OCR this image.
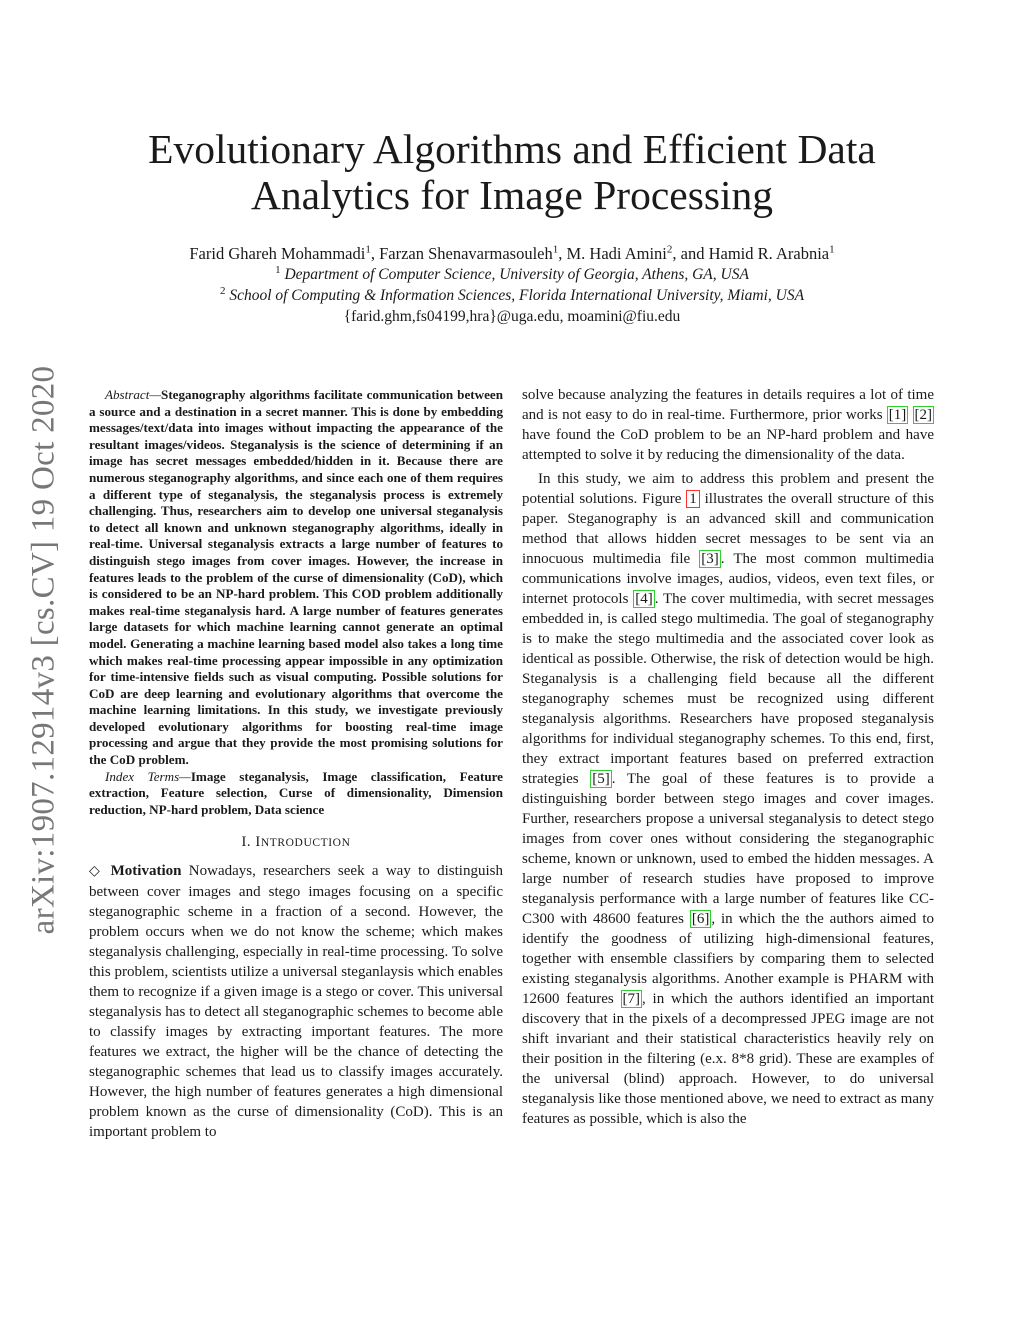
arXiv:1907.12914v3 [cs.CV] 19 Oct 2020
Evolutionary Algorithms and Efficient Data
Analytics for Image Processing
Farid Ghareh Mohammadi$^1$, Farzan Shenavarmasouleh$^1$, M. Hadi Amini$^2$, and Hamid R. Arabnia$^1$
$^1$ Department of Computer Science, University of Georgia, Athens, GA, USA
$^2$ School of Computing & Information Sciences, Florida International University, Miami, USA
{farid.ghm,fs04199,hra}@uga.edu, moamini@fiu.edu

Abstract—Steganography algorithms facilitate communication between a source and a destination in a secret manner. This is done by embedding messages/text/data into images without impacting the appearance of the resultant images/videos. Steganalysis is the science of determining if an image has secret messages embedded/hidden in it. Because there are numerous steganography algorithms, and since each one of them requires a different type of steganalysis, the steganalysis process is extremely challenging. Thus, researchers aim to develop one universal steganalysis to detect all known and unknown steganography algorithms, ideally in real-time. Universal steganalysis extracts a large number of features to distinguish stego images from cover images. However, the increase in features leads to the problem of the curse of dimensionality (CoD), which is considered to be an NP-hard problem. This COD problem additionally makes real-time steganalysis hard. A large number of features generates large datasets for which machine learning cannot generate an optimal model. Generating a machine learning based model also takes a long time which makes real-time processing appear impossible in any optimization for time-intensive fields such as visual computing. Possible solutions for CoD are deep learning and evolutionary algorithms that overcome the machine learning limitations. In this study, we investigate previously developed evolutionary algorithms for boosting real-time image processing and argue that they provide the most promising solutions for the CoD problem.

Index Terms—Image steganalysis, Image classification, Feature extraction, Feature selection, Curse of dimensionality, Dimension reduction, NP-hard problem, Data science

I. INTRODUCTION

◇ Motivation Nowadays, researchers seek a way to distinguish between cover images and stego images focusing on a specific steganographic scheme in a fraction of a second. However, the problem occurs when we do not know the scheme; which makes steganalysis challenging, especially in real-time processing. To solve this problem, scientists utilize a universal steganlaysis which enables them to recognize if a given image is a stego or cover. This universal steganalysis has to detect all steganographic schemes to become able to classify images by extracting important features. The more features we extract, the higher will be the chance of detecting the steganographic schemes that lead us to classify images accurately. However, the high number of features generates a high dimensional problem known as the curse of dimensionality (CoD). This is an important problem to

solve because analyzing the features in details requires a lot of time and is not easy to do in real-time. Furthermore, prior works [1] [2] have found the CoD problem to be an NP-hard problem and have attempted to solve it by reducing the dimensionality of the data.

In this study, we aim to address this problem and present the potential solutions. Figure 1 illustrates the overall structure of this paper. Steganography is an advanced skill and communication method that allows hidden secret messages to be sent via an innocuous multimedia file [3] . The most common multimedia communications involve images, audios, videos, even text files, or internet protocols [4] . The cover multimedia, with secret messages embedded in, is called stego multimedia. The goal of steganography is to make the stego multimedia and the associated cover look as identical as possible. Otherwise, the risk of detection would be high. Steganalysis is a challenging field because all the different steganography schemes must be recognized using different steganalysis algorithms. Researchers have proposed steganalysis algorithms for individual steganography schemes. To this end, first, they extract important features based on preferred extraction strategies [5] . The goal of these features is to provide a distinguishing border between stego images and cover images. Further, researchers propose a universal steganalysis to detect stego images from cover ones without considering the steganographic scheme, known or unknown, used to embed the hidden messages. A large number of research studies have proposed to improve steganalysis performance with a large number of features like CC-C300 with 48600 features [6] , in which the the authors aimed to identify the goodness of utilizing high-dimensional features, together with ensemble classifiers by comparing them to selected existing steganalysis algorithms. Another example is PHARM with 12600 features [7] , in which the authors identified an important discovery that in the pixels of a decompressed JPEG image are not shift invariant and their statistical characteristics heavily rely on their position in the filtering (e.x. 8*8 grid). These are examples of the universal (blind) approach. However, to do universal steganalysis like those mentioned above, we need to extract as many features as possible, which is also the
